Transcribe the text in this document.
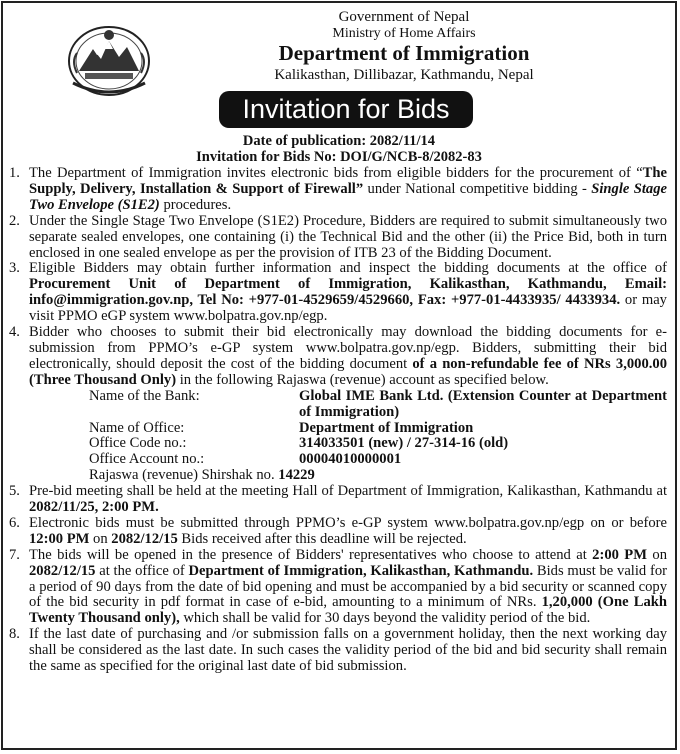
Government of Nepal
Ministry of Home Affairs
Department of Immigration
Kalikasthan, Dillibazar, Kathmandu, Nepal
Invitation for Bids
Date of publication: 2082/11/14
Invitation for Bids No: DOI/G/NCB-8/2082-83
1. The Department of Immigration invites electronic bids from eligible bidders for the procurement of “The Supply, Delivery, Installation & Support of Firewall” under National competitive bidding - Single Stage Two Envelope (S1E2) procedures.
2. Under the Single Stage Two Envelope (S1E2) Procedure, Bidders are required to submit simultaneously two separate sealed envelopes, one containing (i) the Technical Bid and the other (ii) the Price Bid, both in turn enclosed in one sealed envelope as per the provision of ITB 23 of the Bidding Document.
3. Eligible Bidders may obtain further information and inspect the bidding documents at the office of Procurement Unit of Department of Immigration, Kalikasthan, Kathmandu, Email: info@immigration.gov.np, Tel No: +977-01-4529659/4529660, Fax: +977-01-4433935/ 4433934. or may visit PPMO eGP system www.bolpatra.gov.np/egp.
4. Bidder who chooses to submit their bid electronically may download the bidding documents for e-submission from PPMO’s e-GP system www.bolpatra.gov.np/egp. Bidders, submitting their bid electronically, should deposit the cost of the bidding document of a non-refundable fee of NRs 3,000.00 (Three Thousand Only) in the following Rajaswa (revenue) account as specified below.
Name of the Bank:	Global IME Bank Ltd. (Extension Counter at Department of Immigration)
Name of Office:	Department of Immigration
Office Code no.:	314033501 (new) / 27-314-16 (old)
Office Account no.:	00004010000001
Rajaswa (revenue) Shirshak no. 14229
5. Pre-bid meeting shall be held at the meeting Hall of Department of Immigration, Kalikasthan, Kathmandu at 2082/11/25, 2:00 PM.
6. Electronic bids must be submitted through PPMO’s e-GP system www.bolpatra.gov.np/egp on or before 12:00 PM on 2082/12/15 Bids received after this deadline will be rejected.
7. The bids will be opened in the presence of Bidders' representatives who choose to attend at 2:00 PM on 2082/12/15 at the office of Department of Immigration, Kalikasthan, Kathmandu. Bids must be valid for a period of 90 days from the date of bid opening and must be accompanied by a bid security or scanned copy of the bid security in pdf format in case of e-bid, amounting to a minimum of NRs. 1,20,000 (One Lakh Twenty Thousand only), which shall be valid for 30 days beyond the validity period of the bid.
8. If the last date of purchasing and /or submission falls on a government holiday, then the next working day shall be considered as the last date. In such cases the validity period of the bid and bid security shall remain the same as specified for the original last date of bid submission.
